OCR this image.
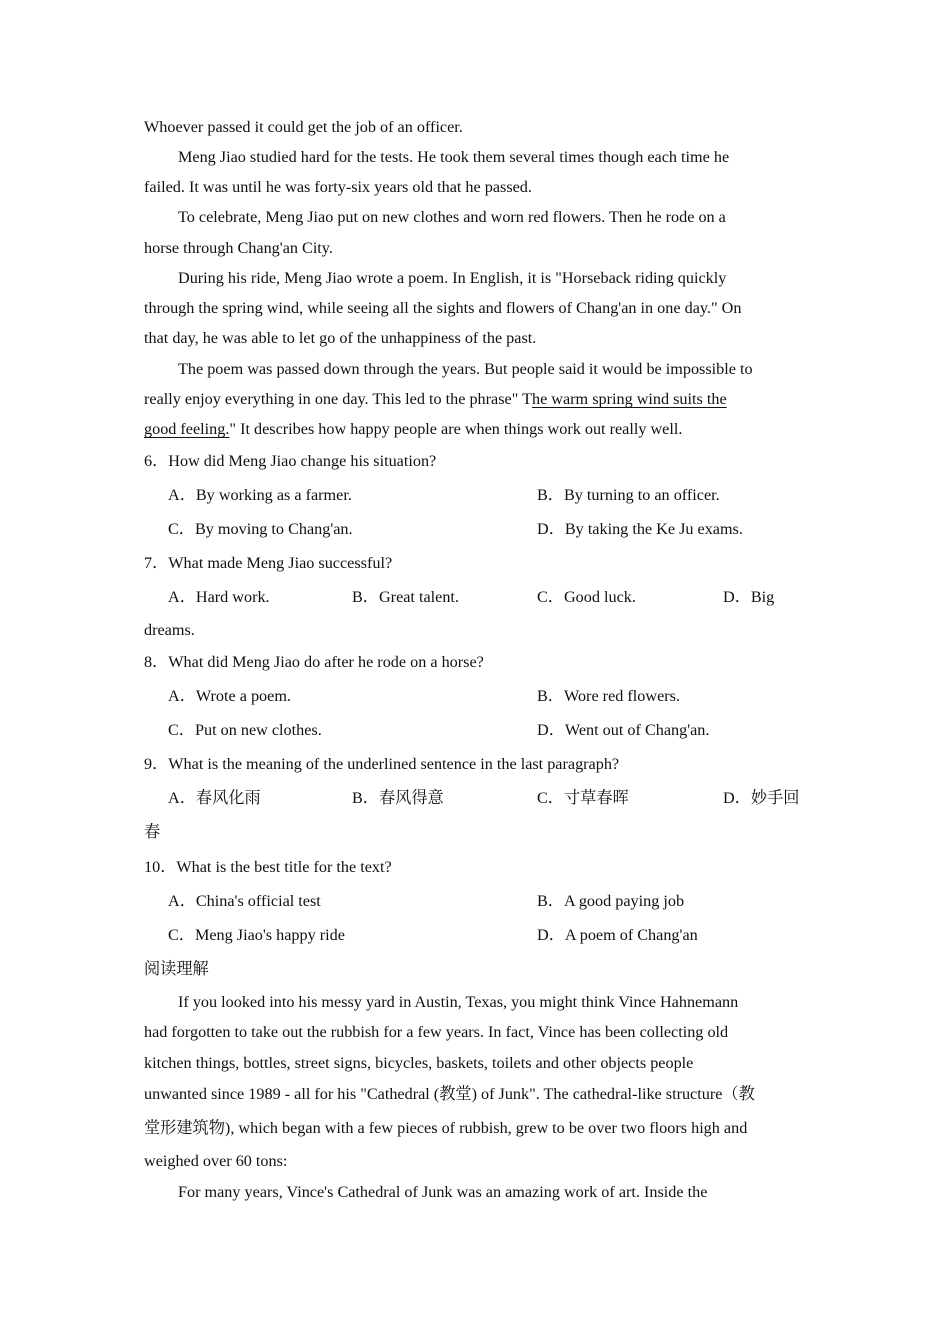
Whoever passed it could get the job of an officer.
Meng Jiao studied hard for the tests. He took them several times though each time he
failed. It was until he was forty-six years old that he passed.
To celebrate, Meng Jiao put on new clothes and worn red flowers. Then he rode on a
horse through Chang'an City.
During his ride, Meng Jiao wrote a poem. In English, it is "Horseback riding quickly
through the spring wind, while seeing all the sights and flowers of Chang'an in one day." On
that day, he was able to let go of the unhappiness of the past.
The poem was passed down through the years. But people said it would be impossible to
really enjoy everything in one day. This led to the phrase" The warm spring wind suits the
good feeling." It describes how happy people are when things work out really well.
6．How did Meng Jiao change his situation?
A．By working as a farmer.	B．By turning to an officer.
C．By moving to Chang'an.	D．By taking the Ke Ju exams.
7．What made Meng Jiao successful?
A．Hard work.	B．Great talent.	C．Good luck.	D．Big
dreams.
8．What did Meng Jiao do after he rode on a horse?
A．Wrote a poem.	B．Wore red flowers.
C．Put on new clothes.	D．Went out of Chang'an.
9．What is the meaning of the underlined sentence in the last paragraph?
A．春风化雨	B．春风得意	C．寸草春晖	D．妙手回
春
10．What is the best title for the text?
A．China's official test	B．A good paying job
C．Meng Jiao's happy ride	D．A poem of Chang'an
阅读理解
If you looked into his messy yard in Austin, Texas, you might think Vince Hahnemann
had forgotten to take out the rubbish for a few years. In fact, Vince has been collecting old
kitchen things, bottles, street signs, bicycles, baskets, toilets and other objects people
unwanted since 1989 - all for his "Cathedral (教堂) of Junk". The cathedral-like structure（教
堂形建筑物), which began with a few pieces of rubbish, grew to be over two floors high and
weighed over 60 tons:
For many years, Vince's Cathedral of Junk was an amazing work of art. Inside the
